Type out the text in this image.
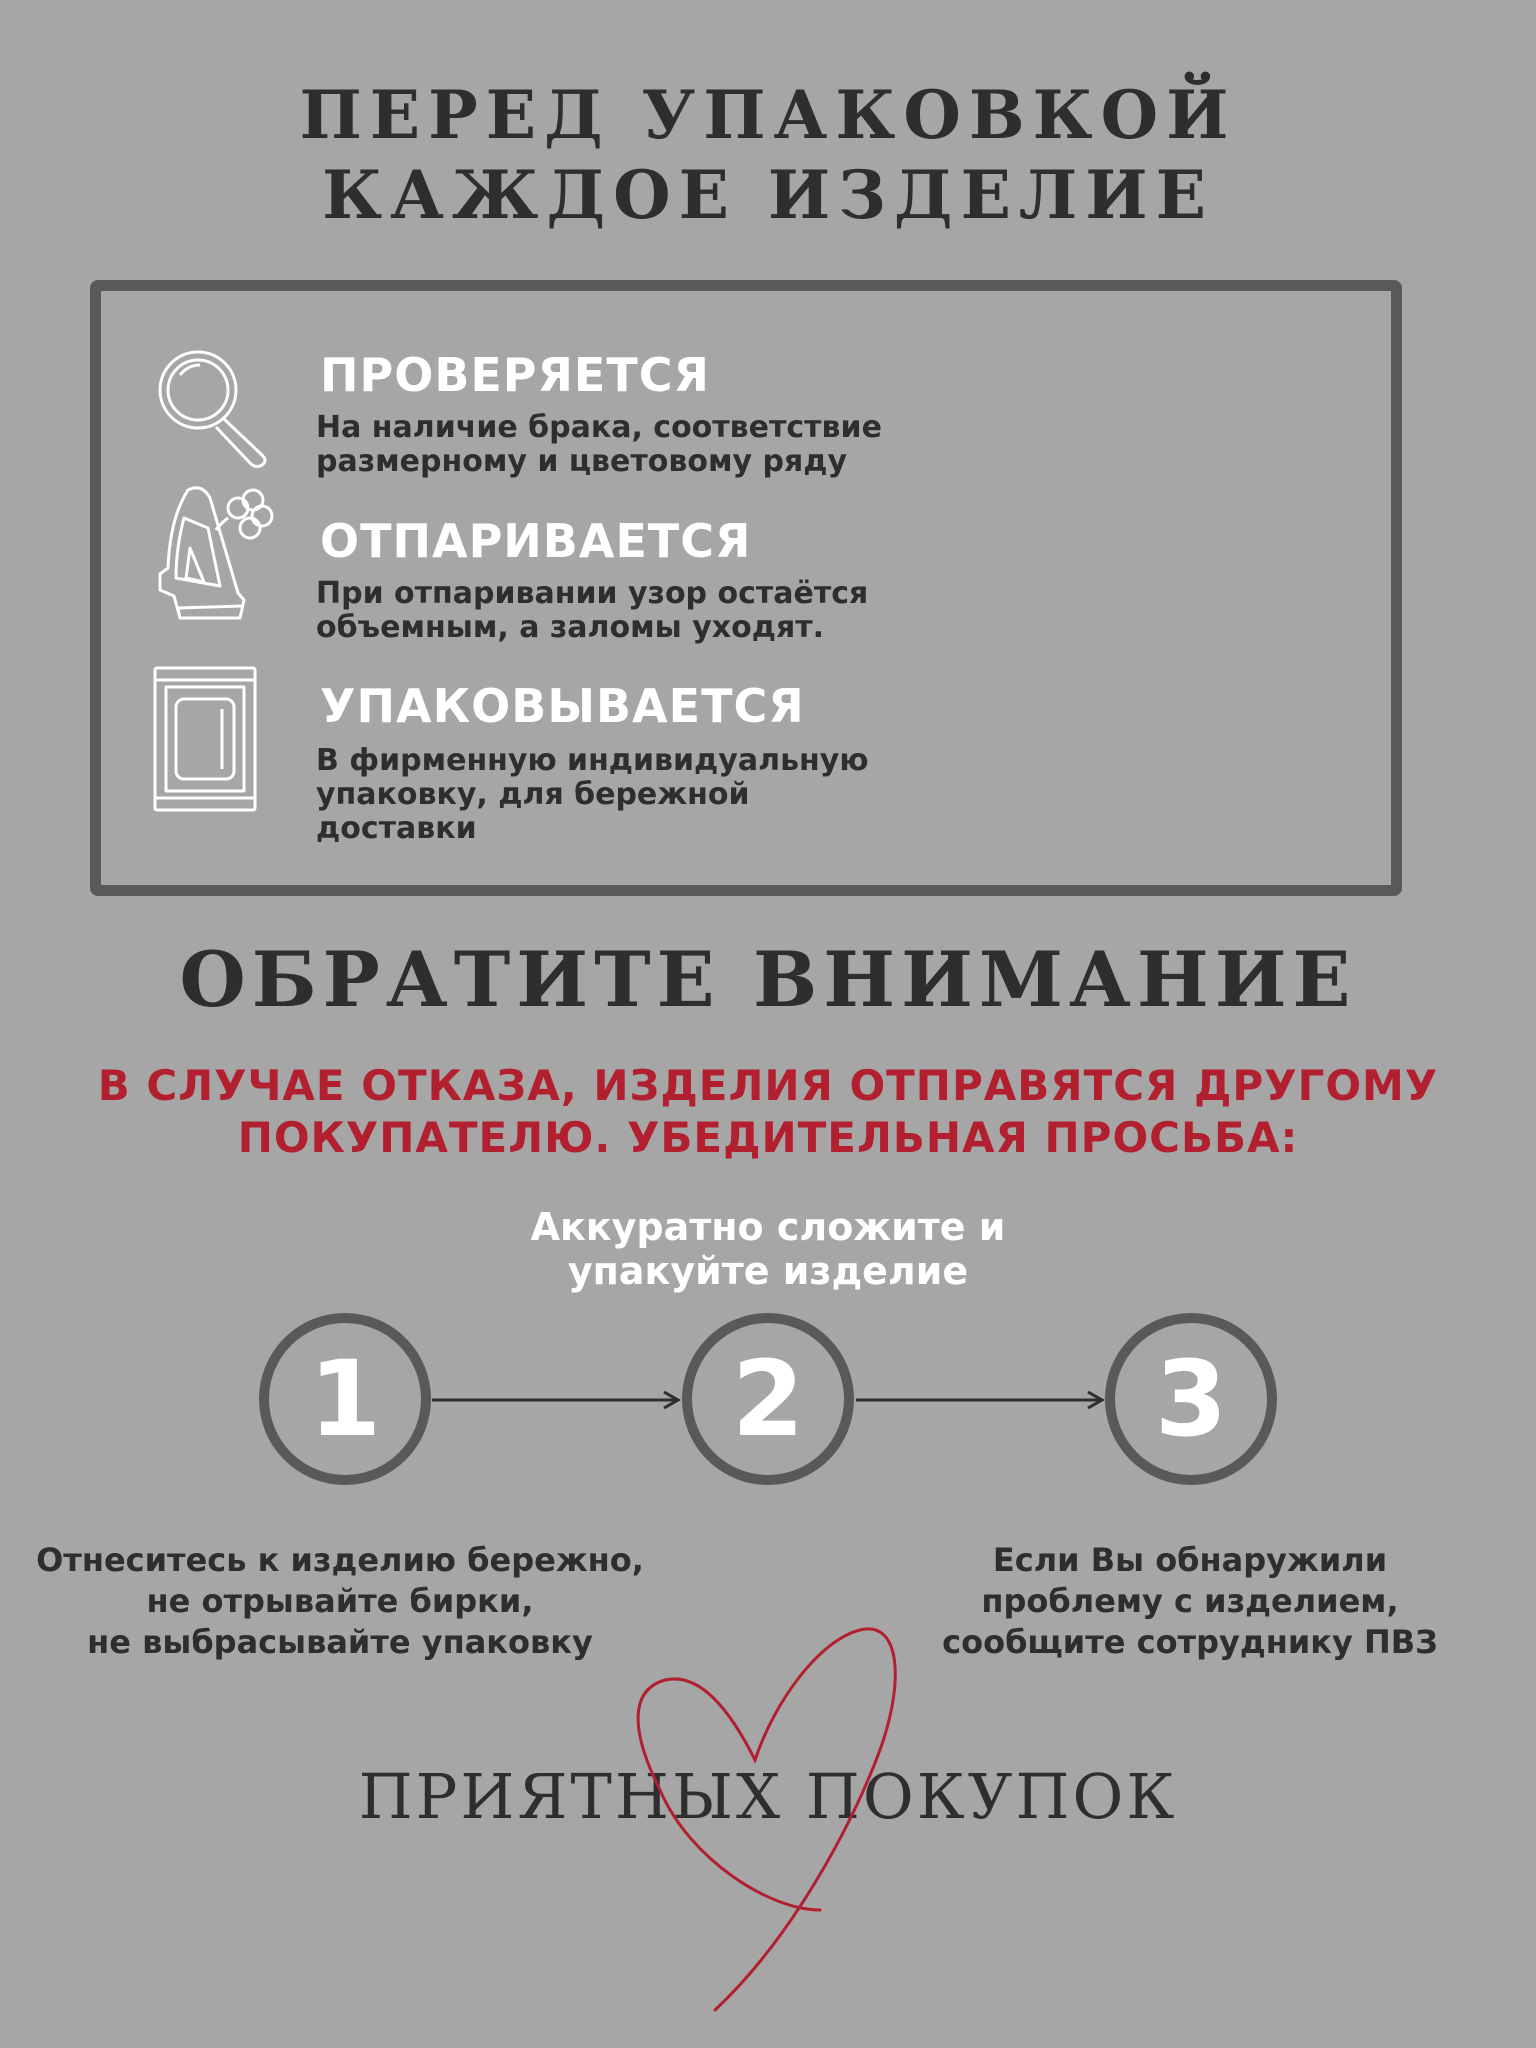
ПЕРЕД УПАКОВКОЙ
КАЖДОЕ ИЗДЕЛИЕ
ПРОВЕРЯЕТСЯ
На наличие брака, соответствие
размерному и цветовому ряду
ОТПАРИВАЕТСЯ
При отпаривании узор остаётся
объемным, а заломы уходят.
УПАКОВЫВАЕТСЯ
В фирменную индивидуальную
упаковку, для бережной
доставки
ОБРАТИТЕ ВНИМАНИЕ
В СЛУЧАЕ ОТКАЗА, ИЗДЕЛИЯ ОТПРАВЯТСЯ ДРУГОМУ
ПОКУПАТЕЛЮ. УБЕДИТЕЛЬНАЯ ПРОСЬБА:
Аккуратно сложите и
упакуйте изделие
1	2	3
Отнеситесь к изделию бережно,
не отрывайте бирки,
не выбрасывайте упаковку
Если Вы обнаружили
проблему с изделием,
сообщите сотруднику ПВЗ
ПРИЯТНЫХ ПОКУПОК
